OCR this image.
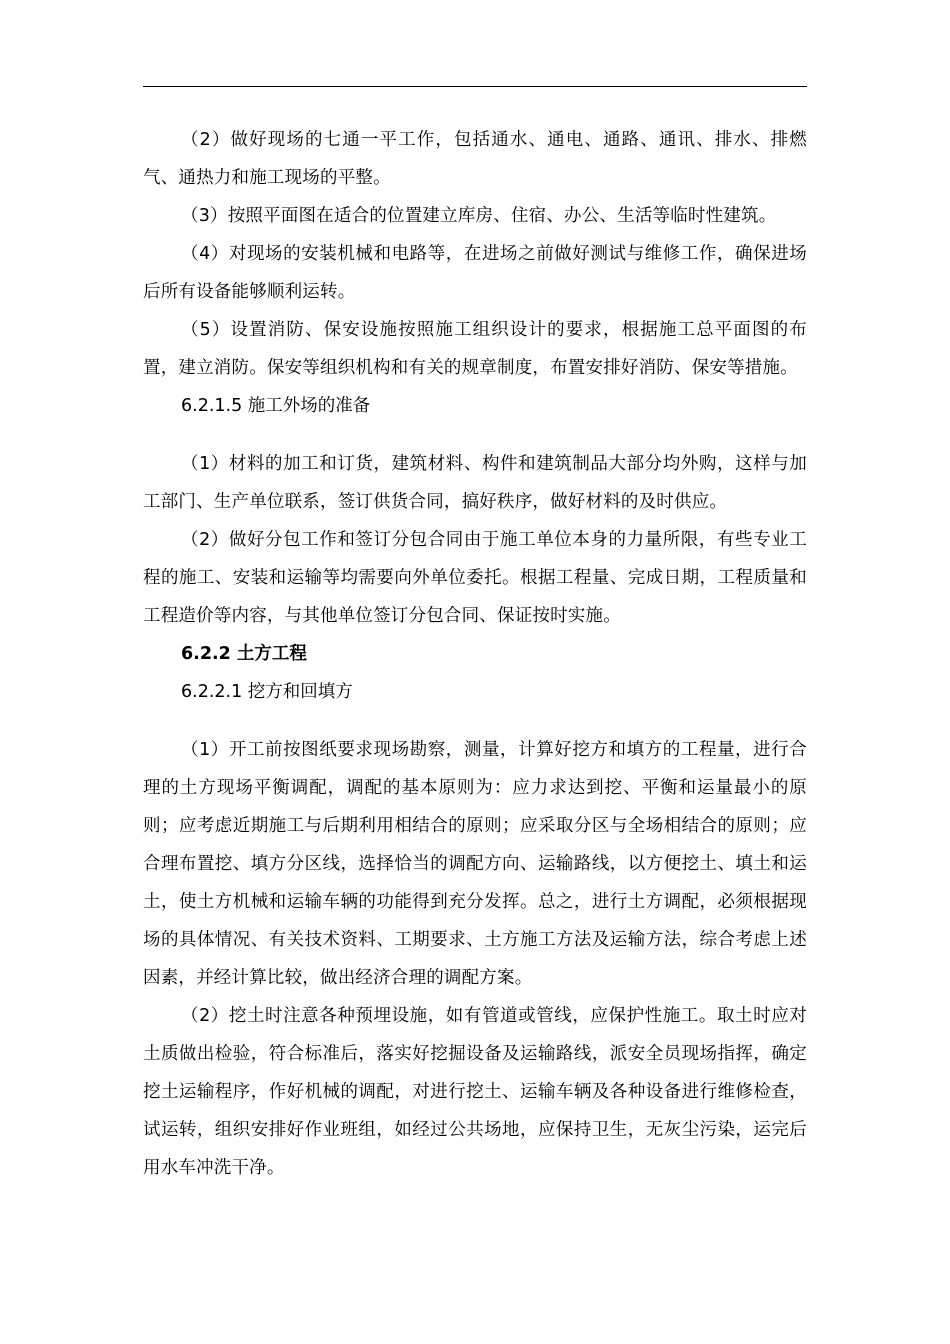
（2）做好现场的七通一平工作，包括通水、通电、通路、通讯、排水、排燃气、通热力和施工现场的平整。

（3）按照平面图在适合的位置建立库房、住宿、办公、生活等临时性建筑。

（4）对现场的安装机械和电路等，在进场之前做好测试与维修工作，确保进场后所有设备能够顺利运转。

（5）设置消防、保安设施按照施工组织设计的要求，根据施工总平面图的布置，建立消防。保安等组织机构和有关的规章制度，布置安排好消防、保安等措施。

6.2.1.5 施工外场的准备

（1）材料的加工和订货，建筑材料、构件和建筑制品大部分均外购，这样与加工部门、生产单位联系，签订供货合同，搞好秩序，做好材料的及时供应。

（2）做好分包工作和签订分包合同由于施工单位本身的力量所限，有些专业工程的施工、安装和运输等均需要向外单位委托。根据工程量、完成日期，工程质量和工程造价等内容，与其他单位签订分包合同、保证按时实施。

6.2.2 土方工程

6.2.2.1 挖方和回填方

（1）开工前按图纸要求现场勘察，测量，计算好挖方和填方的工程量，进行合理的土方现场平衡调配，调配的基本原则为：应力求达到挖、平衡和运量最小的原则；应考虑近期施工与后期利用相结合的原则；应采取分区与全场相结合的原则；应合理布置挖、填方分区线，选择恰当的调配方向、运输路线，以方便挖土、填土和运土，使土方机械和运输车辆的功能得到充分发挥。总之，进行土方调配，必须根据现场的具体情况、有关技术资料、工期要求、土方施工方法及运输方法，综合考虑上述因素，并经计算比较，做出经济合理的调配方案。

（2）挖土时注意各种预埋设施，如有管道或管线，应保护性施工。取土时应对土质做出检验，符合标准后，落实好挖掘设备及运输路线，派安全员现场指挥，确定挖土运输程序，作好机械的调配，对进行挖土、运输车辆及各种设备进行维修检查，试运转，组织安排好作业班组，如经过公共场地，应保持卫生，无灰尘污染，运完后用水车冲洗干净。
